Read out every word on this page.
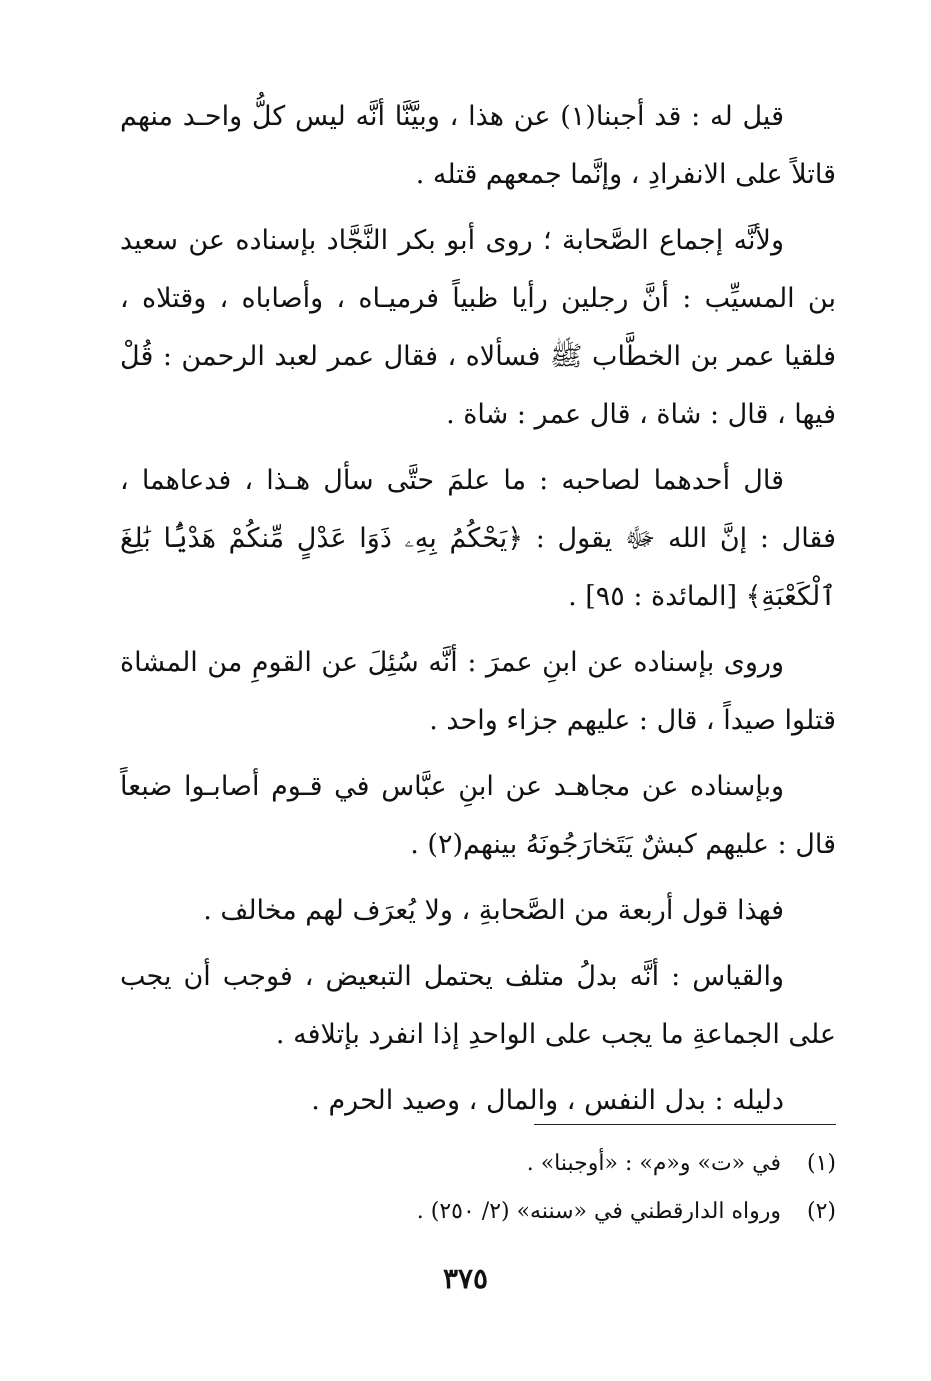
قيل له : قد أجبنا(١) عن هذا ، وبيَّنَّا أنَّه ليس كلُّ واحـد منهم قاتلاً على الانفرادِ ، وإنَّما جمعهم قتله .

ولأنَّه إجماع الصَّحابة ؛ روى أبو بكر النَّجَّاد بإسناده عن سعيد بن المسيِّب : أنَّ رجلين رأيا ظبياً فرميـاه ، وأصاباه ، وقتلاه ، فلقيا عمر بن الخطَّاب ﷺ فسألاه ، فقال عمر لعبد الرحمن : قُلْ فيها ، قال : شاة ، قال عمر : شاة .

قال أحدهما لصاحبه : ما علمَ حتَّى سأل هـذا ، فدعاهما ، فقال : إنَّ الله ﷻ يقول : ﴿يَحْكُمُ بِهِۦ ذَوَا عَدْلٍ مِّنكُمْ هَدْيًۢا بَٰلِغَ ٱلْكَعْبَةِ﴾ [المائدة : ٩٥] .

وروى بإسناده عن ابنِ عمرَ : أنَّه سُئِلَ عن القومِ من المشاة قتلوا صيداً ، قال : عليهم جزاء واحد .

وبإسناده عن مجاهـد عن ابنِ عبَّاس في قـوم أصابـوا ضبعاً قال : عليهم كبشٌ يَتَخارَجُونَهُ بينهم(٢) .

فهذا قول أربعة من الصَّحابةِ ، ولا يُعرَف لهم مخالف .

والقياس : أنَّه بدلُ متلف يحتمل التبعيض ، فوجب أن يجب على الجماعةِ ما يجب على الواحدِ إذا انفرد بإتلافه .

دليله : بدل النفس ، والمال ، وصيد الحرم .

(١) في «ت» و«م» : «أوجبنا» .
(٢) ورواه الدارقطني في «سننه» (٢/ ٢٥٠) .
٣٧٥
